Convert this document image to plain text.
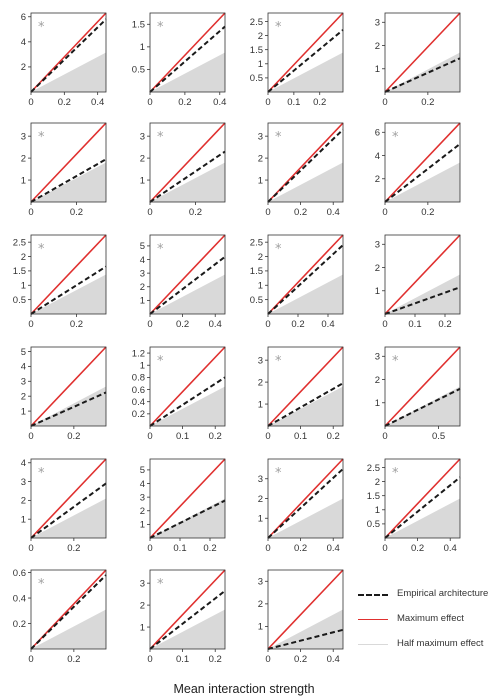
0	0.2 0.4
2
4
6
*
0	0.2 0.4
0.5
1
1.5 *
0 0.1 0.2
0.5
1
1.5
2
2.5 *
0	0.2
1
2
3
0	0.2
1
2
3 *
0	0.2
1
2
3 *
0 0.2 0.4
1
2
3 *
0	0.2
2
4
6 *
0	0.2
0.5
1
1.5
2
2.5 *
0 0.2 0.4
1
2
3
4
5 *
0 0.2 0.4
0.5
1
1.5
2
2.5 *
0 0.1 0.2
1
2
3
0	0.2
1
2
3
4
5
0 0.1 0.2
0.2
0.4
0.6
0.8
1
1.2
*
0 0.1 0.2
1
2
3 *
0	0.5
1
2
3 *
0	0.2
1
2
3
4
*
0 0.1 0.2
1
2
3
4
5
0 0.2 0.4
1
2
3 *
0 0.2 0.4
0.5
1
1.5
2
2.5 *
0	0.2
0.2
0.4
0.6
*
0 0.1 0.2
1
2
3 *
0 0.2 0.4
1
2
3
Empirical architecture
Maximum effect
Half maximum effect
Mean interaction strength
